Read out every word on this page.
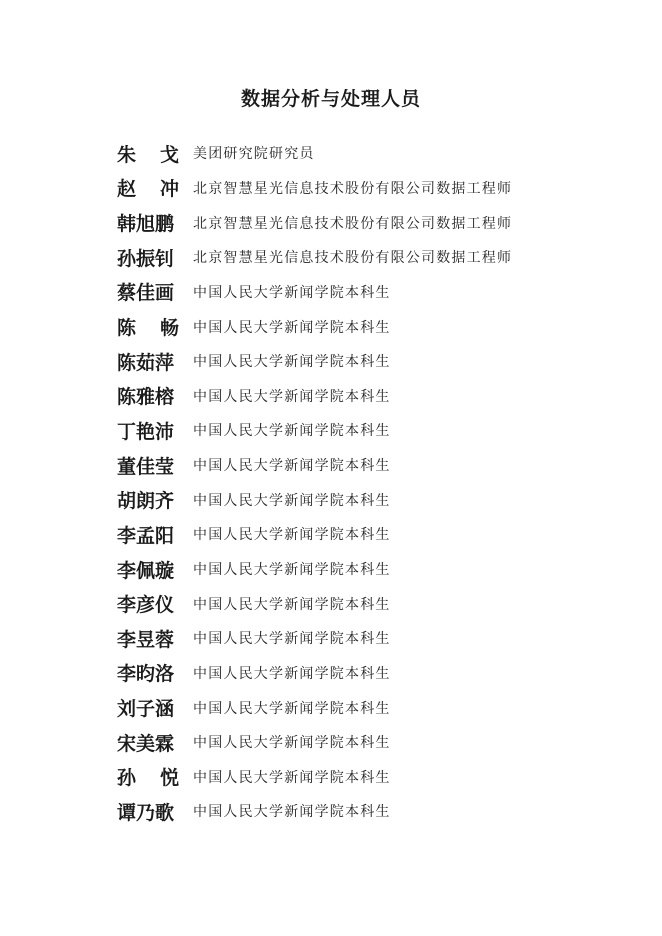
数据分析与处理人员
朱 戈 美团研究院研究员
赵 冲 北京智慧星光信息技术股份有限公司数据工程师
韩旭鹏	北京智慧星光信息技术股份有限公司数据工程师
孙振钊	北京智慧星光信息技术股份有限公司数据工程师
蔡佳画	中国人民大学新闻学院本科生
陈 畅 中国人民大学新闻学院本科生
陈茹萍	中国人民大学新闻学院本科生
陈雅榕	中国人民大学新闻学院本科生
丁艳沛	中国人民大学新闻学院本科生
董佳莹	中国人民大学新闻学院本科生
胡朗齐	中国人民大学新闻学院本科生
李孟阳	中国人民大学新闻学院本科生
李佩璇	中国人民大学新闻学院本科生
李彦仪	中国人民大学新闻学院本科生
李昱蓉	中国人民大学新闻学院本科生
李昀洛	中国人民大学新闻学院本科生
刘子涵	中国人民大学新闻学院本科生
宋美霖	中国人民大学新闻学院本科生
孙 悦 中国人民大学新闻学院本科生
谭乃歌	中国人民大学新闻学院本科生
